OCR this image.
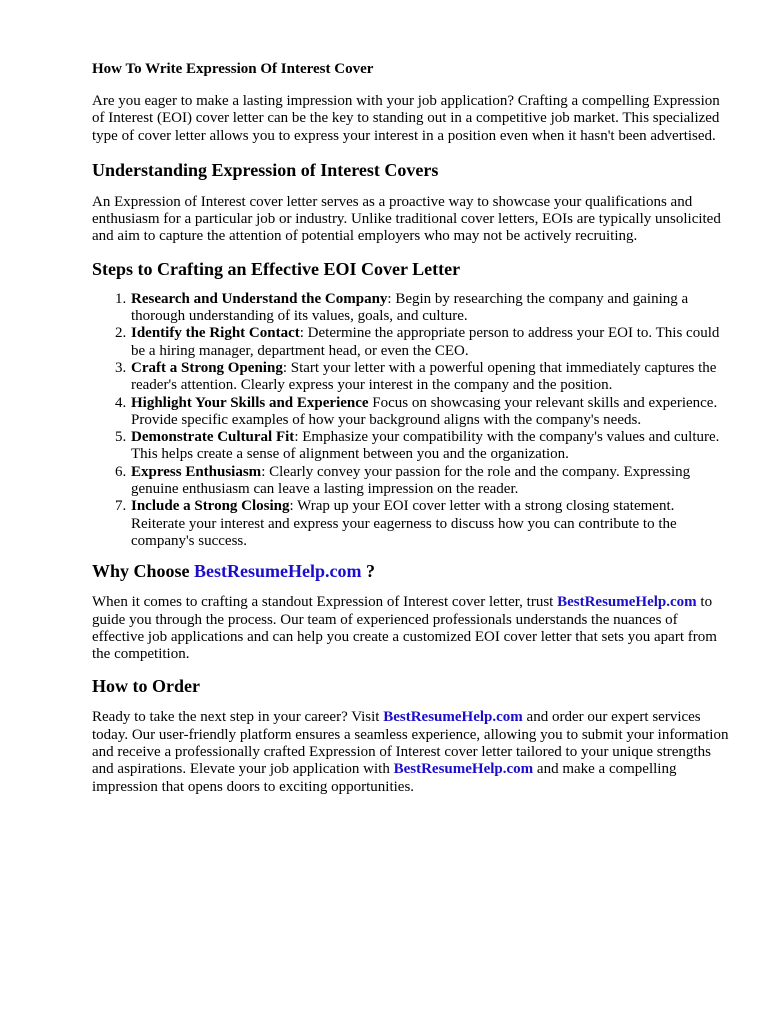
How To Write Expression Of Interest Cover

Are you eager to make a lasting impression with your job application? Crafting a compelling Expression of Interest (EOI) cover letter can be the key to standing out in a competitive job market. This specialized type of cover letter allows you to express your interest in a position even when it hasn't been advertised.

Understanding Expression of Interest Covers

An Expression of Interest cover letter serves as a proactive way to showcase your qualifications and enthusiasm for a particular job or industry. Unlike traditional cover letters, EOIs are typically unsolicited and aim to capture the attention of potential employers who may not be actively recruiting.

Steps to Crafting an Effective EOI Cover Letter
1. Research and Understand the Company: Begin by researching the company and gaining a thorough understanding of its values, goals, and culture.
2. Identify the Right Contact: Determine the appropriate person to address your EOI to. This could be a hiring manager, department head, or even the CEO.
3. Craft a Strong Opening: Start your letter with a powerful opening that immediately captures the reader's attention. Clearly express your interest in the company and the position.
4. Highlight Your Skills and Experience Focus on showcasing your relevant skills and experience. Provide specific examples of how your background aligns with the company's needs.
5. Demonstrate Cultural Fit: Emphasize your compatibility with the company's values and culture. This helps create a sense of alignment between you and the organization.
6. Express Enthusiasm: Clearly convey your passion for the role and the company. Expressing genuine enthusiasm can leave a lasting impression on the reader.
7. Include a Strong Closing: Wrap up your EOI cover letter with a strong closing statement. Reiterate your interest and express your eagerness to discuss how you can contribute to the company's success.
Why Choose BestResumeHelp.com ?

When it comes to crafting a standout Expression of Interest cover letter, trust BestResumeHelp.com to guide you through the process. Our team of experienced professionals understands the nuances of effective job applications and can help you create a customized EOI cover letter that sets you apart from the competition.

How to Order

Ready to take the next step in your career? Visit BestResumeHelp.com and order our expert services today. Our user-friendly platform ensures a seamless experience, allowing you to submit your information and receive a professionally crafted Expression of Interest cover letter tailored to your unique strengths and aspirations. Elevate your job application with BestResumeHelp.com and make a compelling impression that opens doors to exciting opportunities.
